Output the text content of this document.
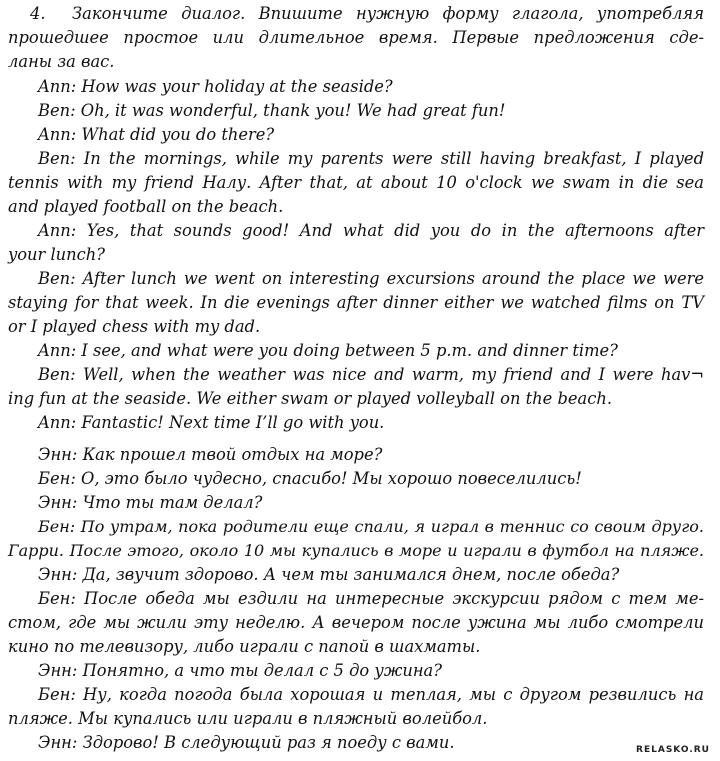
4. Закончите диалог. Впишите нужную форму глагола, употребляя
прошедшее простое или длительное время. Первые предложения сде-
ланы за вас.
Ann: How was your holiday at the seaside?
Ben: Oh, it was wonderful, thank you! We had great fun!
Ann: What did you do there?
Ben: In the mornings, while my parents were still having breakfast, I played
tennis with my friend Hалу. After that, at about 10 o'clock we swam in die sea
and played football on the beach.
Ann: Yes, that sounds good! And what did you do in the afternoons after
your lunch?
Ben: After lunch we went on interesting excursions around the place we were
staying for that week. In die evenings after dinner either we watched films on TV
or I played chess with my dad.
Ann: I see, and what were you doing between 5 p.m. and dinner time?
Ben: Well, when the weather was nice and warm, my friend and I were hav¬
ing fun at the seaside. We either swam or played volleyball on the beach.
Ann: Fantastic! Next time I’ll go with you.
Энн: Как прошел твой отдых на море?
Бен: О, это было чудесно, спасибо! Мы хорошо повеселились!
Энн: Что ты там делал?
Бен: По утрам, пока родители еще спали, я играл в теннис со своим друго.
Гарри. После этого, около 10 мы купались в море и играли в футбол на пляже.
Энн: Да, звучит здорово. А чем ты занимался днем, после обеда?
Бен: После обеда мы ездили на интересные экскурсии рядом с тем ме-
стом, где мы жили эту неделю. А вечером после ужина мы либо смотрели
кино по телевизору, либо играли с папой в шахматы.
Энн: Понятно, а что ты делал с 5 до ужина?
Бен: Ну, когда погода была хорошая и теплая, мы с другом резвились на
пляже. Мы купались или играли в пляжный волейбол.
Энн: Здорово! В следующий раз я поеду с вами.	RELASKO.RU
